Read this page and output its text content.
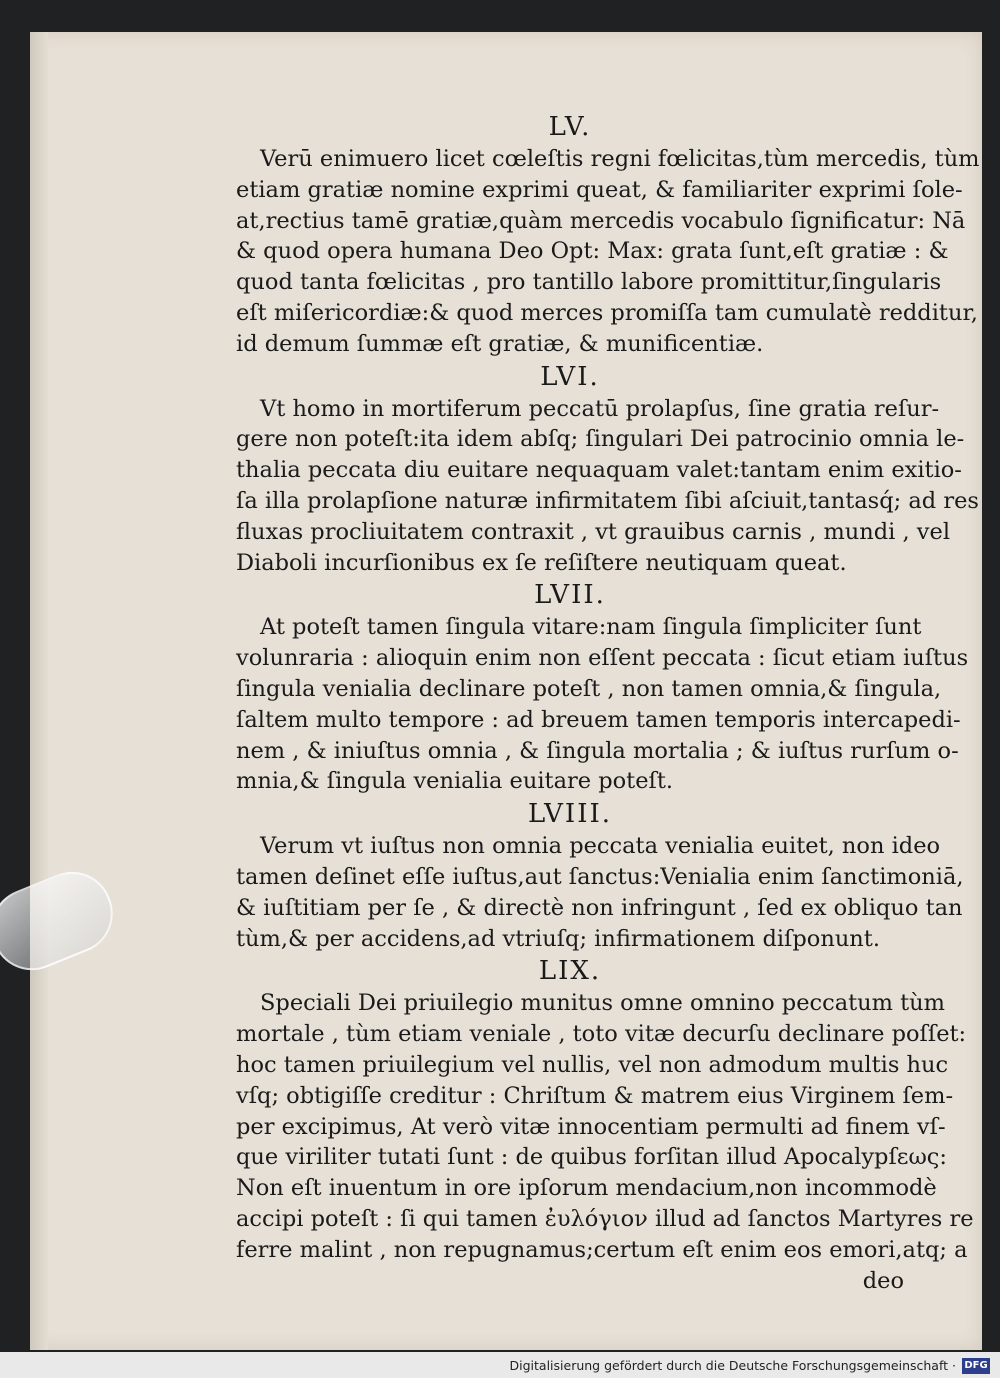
LV.
Verū enimuero licet cœleſtis regni fœlicitas,tùm mercedis, tùm
etiam gratiæ nomine exprimi queat, & familiariter exprimi ſole-
at,rectius tamē gratiæ,quàm mercedis vocabulo ſignificatur: Nā
& quod opera humana Deo Opt: Max: grata ſunt,eſt gratiæ : &
quod tanta fœlicitas , pro tantillo labore promittitur,ſingularis
eſt miſericordiæ:& quod merces promiſſa tam cumulatè redditur,
id demum ſummæ eſt gratiæ, & munificentiæ.
LVI.
Vt homo in mortiferum peccatū prolapſus, ſine gratia reſur-
gere non poteſt:ita idem abſq; ſingulari Dei patrocinio omnia le-
thalia peccata diu euitare nequaquam valet:tantam enim exitio-
ſa illa prolapſione naturæ infirmitatem ſibi aſciuit,tantasq́; ad res
fluxas procliuitatem contraxit , vt grauibus carnis , mundi , vel
Diaboli incurſionibus ex ſe reſiſtere neutiquam queat.
LVII.
At poteſt tamen ſingula vitare:nam ſingula ſimpliciter ſunt
volunraria : alioquin enim non eſſent peccata : ſicut etiam iuſtus
ſingula venialia declinare poteſt , non tamen omnia,& ſingula,
ſaltem multo tempore : ad breuem tamen temporis intercapedi-
nem , & iniuſtus omnia , & ſingula mortalia ; & iuſtus rurſum o-
mnia,& ſingula venialia euitare poteſt.
LVIII.
Verum vt iuſtus non omnia peccata venialia euitet, non ideo
tamen deſinet eſſe iuſtus,aut ſanctus:Venialia enim ſanctimoniā,
& iuſtitiam per ſe , & directè non infringunt , ſed ex obliquo tan
tùm,& per accidens,ad vtriuſq; infirmationem diſponunt.
LIX.
Speciali Dei priuilegio munitus omne omnino peccatum tùm
mortale , tùm etiam veniale , toto vitæ decurſu declinare poſſet:
hoc tamen priuilegium vel nullis, vel non admodum multis huc
vſq; obtigiſſe creditur : Chriſtum & matrem eius Virginem ſem-
per excipimus, At verò vitæ innocentiam permulti ad finem vſ-
que viriliter tutati ſunt : de quibus forſitan illud Apocalypſεως:
Non eſt inuentum in ore ipſorum mendacium,non incommodè
accipi poteſt : ſi qui tamen ἐυλόγιον illud ad ſanctos Martyres re
ferre malint , non repugnamus;certum eſt enim eos emori,atq; a
deo
Digitalisierung gefördert durch die Deutsche Forschungsgemeinschaft · DFG
